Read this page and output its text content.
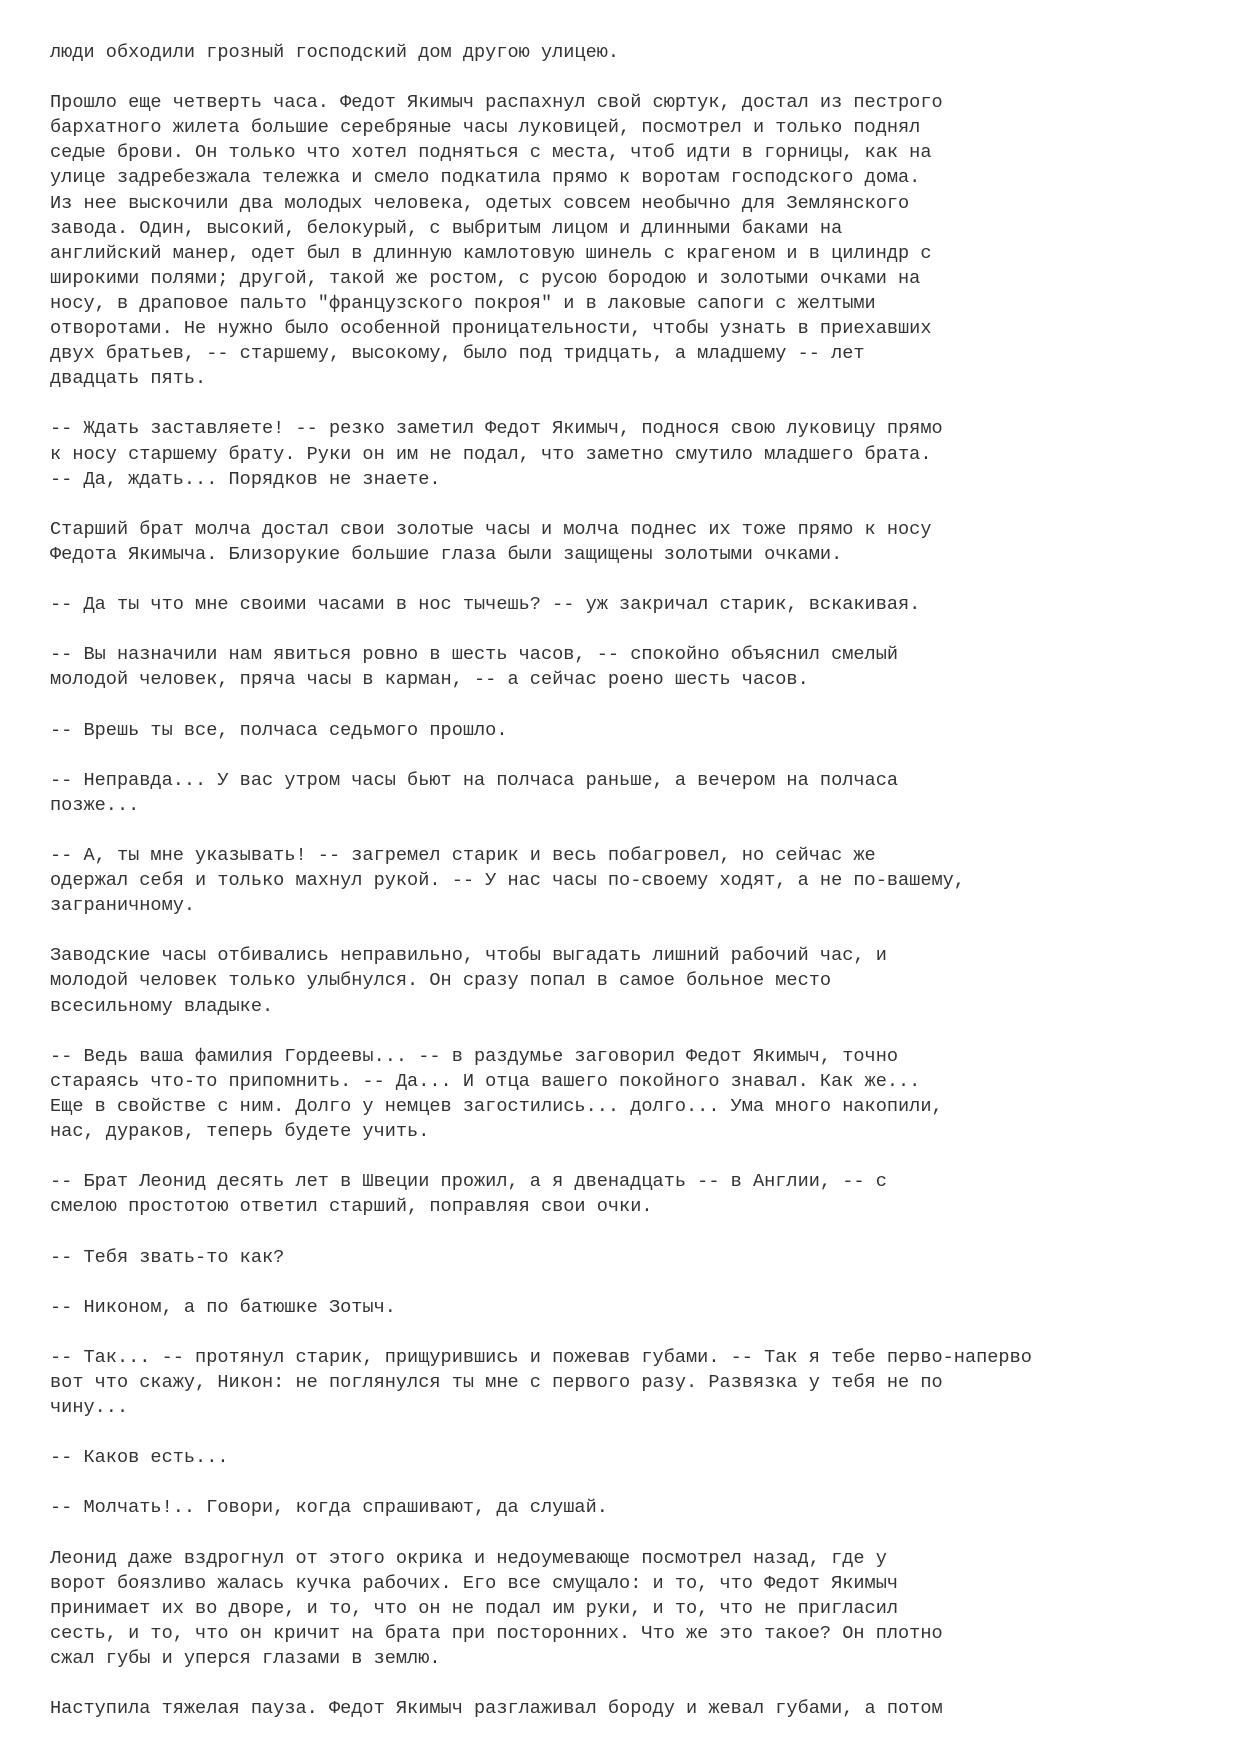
люди обходили грозный господский дом другою улицею.

Прошло еще четверть часа. Федот Якимыч распахнул свой сюртук, достал из пестрого
бархатного жилета большие серебряные часы луковицей, посмотрел и только поднял
седые брови. Он только что хотел подняться с места, чтоб идти в горницы, как на
улице задребезжала тележка и смело подкатила прямо к воротам господского дома.
Из нее выскочили два молодых человека, одетых совсем необычно для Землянского
завода. Один, высокий, белокурый, с выбритым лицом и длинными баками на
английский манер, одет был в длинную камлотовую шинель с крагеном и в цилиндр с
широкими полями; другой, такой же ростом, с русою бородою и золотыми очками на
носу, в драповое пальто "французского покроя" и в лаковые сапоги с желтыми
отворотами. Не нужно было особенной проницательности, чтобы узнать в приехавших
двух братьев, -- старшему, высокому, было под тридцать, а младшему -- лет
двадцать пять.

-- Ждать заставляете! -- резко заметил Федот Якимыч, поднося свою луковицу прямо
к носу старшему брату. Руки он им не подал, что заметно смутило младшего брата.
-- Да, ждать... Порядков не знаете.

Старший брат молча достал свои золотые часы и молча поднес их тоже прямо к носу
Федота Якимыча. Близорукие большие глаза были защищены золотыми очками.

-- Да ты что мне своими часами в нос тычешь? -- уж закричал старик, вскакивая.

-- Вы назначили нам явиться ровно в шесть часов, -- спокойно объяснил смелый
молодой человек, пряча часы в карман, -- а сейчас роено шесть часов.

-- Врешь ты все, полчаса седьмого прошло.

-- Неправда... У вас утром часы бьют на полчаса раньше, а вечером на полчаса
позже...

-- А, ты мне указывать! -- загремел старик и весь побагровел, но сейчас же
одержал себя и только махнул рукой. -- У нас часы по-своему ходят, а не по-вашему,
заграничному.

Заводские часы отбивались неправильно, чтобы выгадать лишний рабочий час, и
молодой человек только улыбнулся. Он сразу попал в самое больное место
всесильному владыке.

-- Ведь ваша фамилия Гордеевы... -- в раздумье заговорил Федот Якимыч, точно
стараясь что-то припомнить. -- Да... И отца вашего покойного знавал. Как же...
Еще в свойстве с ним. Долго у немцев загостились... долго... Ума много накопили,
нас, дураков, теперь будете учить.

-- Брат Леонид десять лет в Швеции прожил, а я двенадцать -- в Англии, -- с
смелою простотою ответил старший, поправляя свои очки.

-- Тебя звать-то как?

-- Никоном, а по батюшке Зотыч.

-- Так... -- протянул старик, прищурившись и пожевав губами. -- Так я тебе перво-наперво
вот что скажу, Никон: не поглянулся ты мне с первого разу. Развязка у тебя не по
чину...

-- Каков есть...

-- Молчать!.. Говори, когда спрашивают, да слушай.

Леонид даже вздрогнул от этого окрика и недоумевающе посмотрел назад, где у
ворот боязливо жалась кучка рабочих. Его все смущало: и то, что Федот Якимыч
принимает их во дворе, и то, что он не подал им руки, и то, что не пригласил
сесть, и то, что он кричит на брата при посторонних. Что же это такое? Он плотно
сжал губы и уперся глазами в землю.

Наступила тяжелая пауза. Федот Якимыч разглаживал бороду и жевал губами, а потом
